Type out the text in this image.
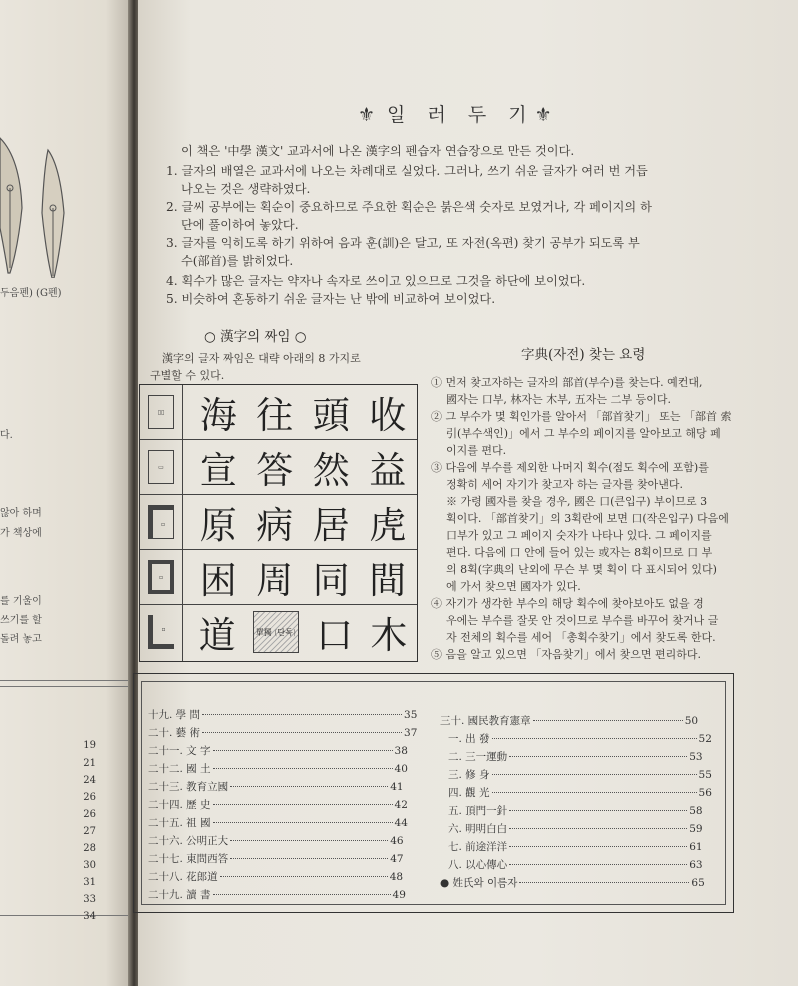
두음펜) (G펜)
다.
않아 하며
가 책상에
를 기울이
쓰기를 할
돌려 놓고
19
21
24
26
26
27
28
30
31
33
34
⚜ 일 러 두 기⚜
이 책은 '中學 漢文' 교과서에 나온 漢字의 펜습자 연습장으로 만든 것이다.
1. 글자의 배열은 교과서에 나오는 차례대로 실었다. 그러나, 쓰기 쉬운 글자가 여러 번 거듭
나오는 것은 생략하였다.
2. 글씨 공부에는 획순이 중요하므로 주요한 획순은 붉은색 숫자로 보였거나, 각 페이지의 하
단에 풀이하여 놓았다.
3. 글자를 익히도록 하기 위하여 음과 훈(訓)은 달고, 또 자전(옥편) 찾기 공부가 되도록 부
수(部首)를 밝히었다.
4. 획수가 많은 글자는 약자나 속자로 쓰이고 있으므로 그것을 하단에 보이었다.
5. 비슷하여 혼동하기 쉬운 글자는 난 밖에 비교하여 보이었다.
○ 漢字의 짜임 ○
漢字의 글자 짜임은 대략 아래의 8 가지로
구별할 수 있다.
▯▯ 海 往 頭 收
▭ 宣 答 然 益
▫ 原 病 居 虎
▫ 困 周 同 間
▫ 道	單獨 (단독) 口 木
字典(자전) 찾는 요령
① 먼저 찾고자하는 글자의 部首(부수)를 찾는다. 예컨대,
國자는 口부, 林자는 木부, 五자는 二부 등이다.
② 그 부수가 몇 획인가를 알아서 「部首찾기」 또는 「部首 索
引(부수색인)」에서 그 부수의 페이지를 알아보고 해당 페
이지를 편다.
③ 다음에 부수를 제외한 나머지 획수(점도 획수에 포함)를
정확히 세어 자기가 찾고자 하는 글자를 찾아낸다.
※ 가령 國자를 찾을 경우, 國은 口(큰입구) 부이므로 3
획이다. 「部首찾기」의 3획란에 보면 口(작은입구) 다음에
口부가 있고 그 페이지 숫자가 나타나 있다. 그 페이지를
편다. 다음에 口 안에 들어 있는 或자는 8획이므로 口 부
의 8획(字典의 난외에 무슨 부 몇 획이 다 표시되어 있다)
에 가서 찾으면 國자가 있다.
④ 자기가 생각한 부수의 해당 획수에 찾아보아도 없을 경
우에는 부수를 잘못 안 것이므로 부수를 바꾸어 찾거나 글
자 전체의 획수를 세어 「총획수찾기」에서 찾도록 한다.
⑤ 음을 알고 있으면 「자음찾기」에서 찾으면 편리하다.
十九. 學 問	35
二十. 藝 術	37
二十一. 文 字	38
二十二. 國 土	40
二十三. 教育立國	41
二十四. 歷 史	42
二十五. 祖 國	44
二十六. 公明正大	46
二十七. 東問西答	47
二十八. 花郎道	48
二十九. 讀 書	49
三十. 國民教育憲章	50
一. 出 發	52
二. 三一運動	53
三. 修 身	55
四. 觀 光	56
五. 頂門一針	58
六. 明明白白	59
七. 前途洋洋	61
八. 以心傳心	63
● 姓氏와 이름자	65
